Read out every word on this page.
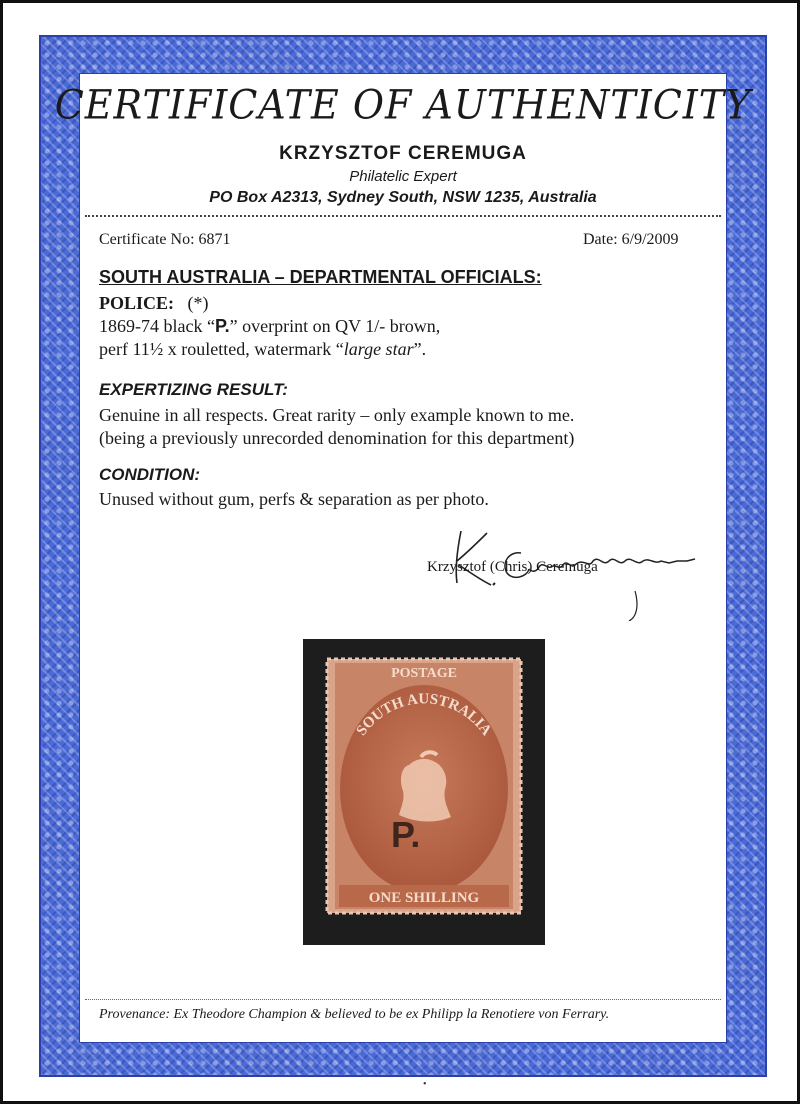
CERTIFICATE OF AUTHENTICITY
KRZYSZTOF CEREMUGA
Philatelic Expert
PO Box A2313, Sydney South, NSW 1235, Australia
Certificate No: 6871	Date: 6/9/2009
SOUTH AUSTRALIA – DEPARTMENTAL OFFICIALS:
POLICE: (*)
1869-74 black “P.” overprint on QV 1/- brown,
perf 11½ x rouletted, watermark “large star”.
EXPERTIZING RESULT:
Genuine in all respects. Great rarity – only example known to me.
(being a previously unrecorded denomination for this department)
CONDITION:
Unused without gum, perfs & separation as per photo.
Krzysztof (Chris) Ceremuga
POSTAGE
SOUTH AUSTRALIA
P.
ONE SHILLING
Provenance: Ex Theodore Champion & believed to be ex Philipp la Renotiere von Ferrary.
•
